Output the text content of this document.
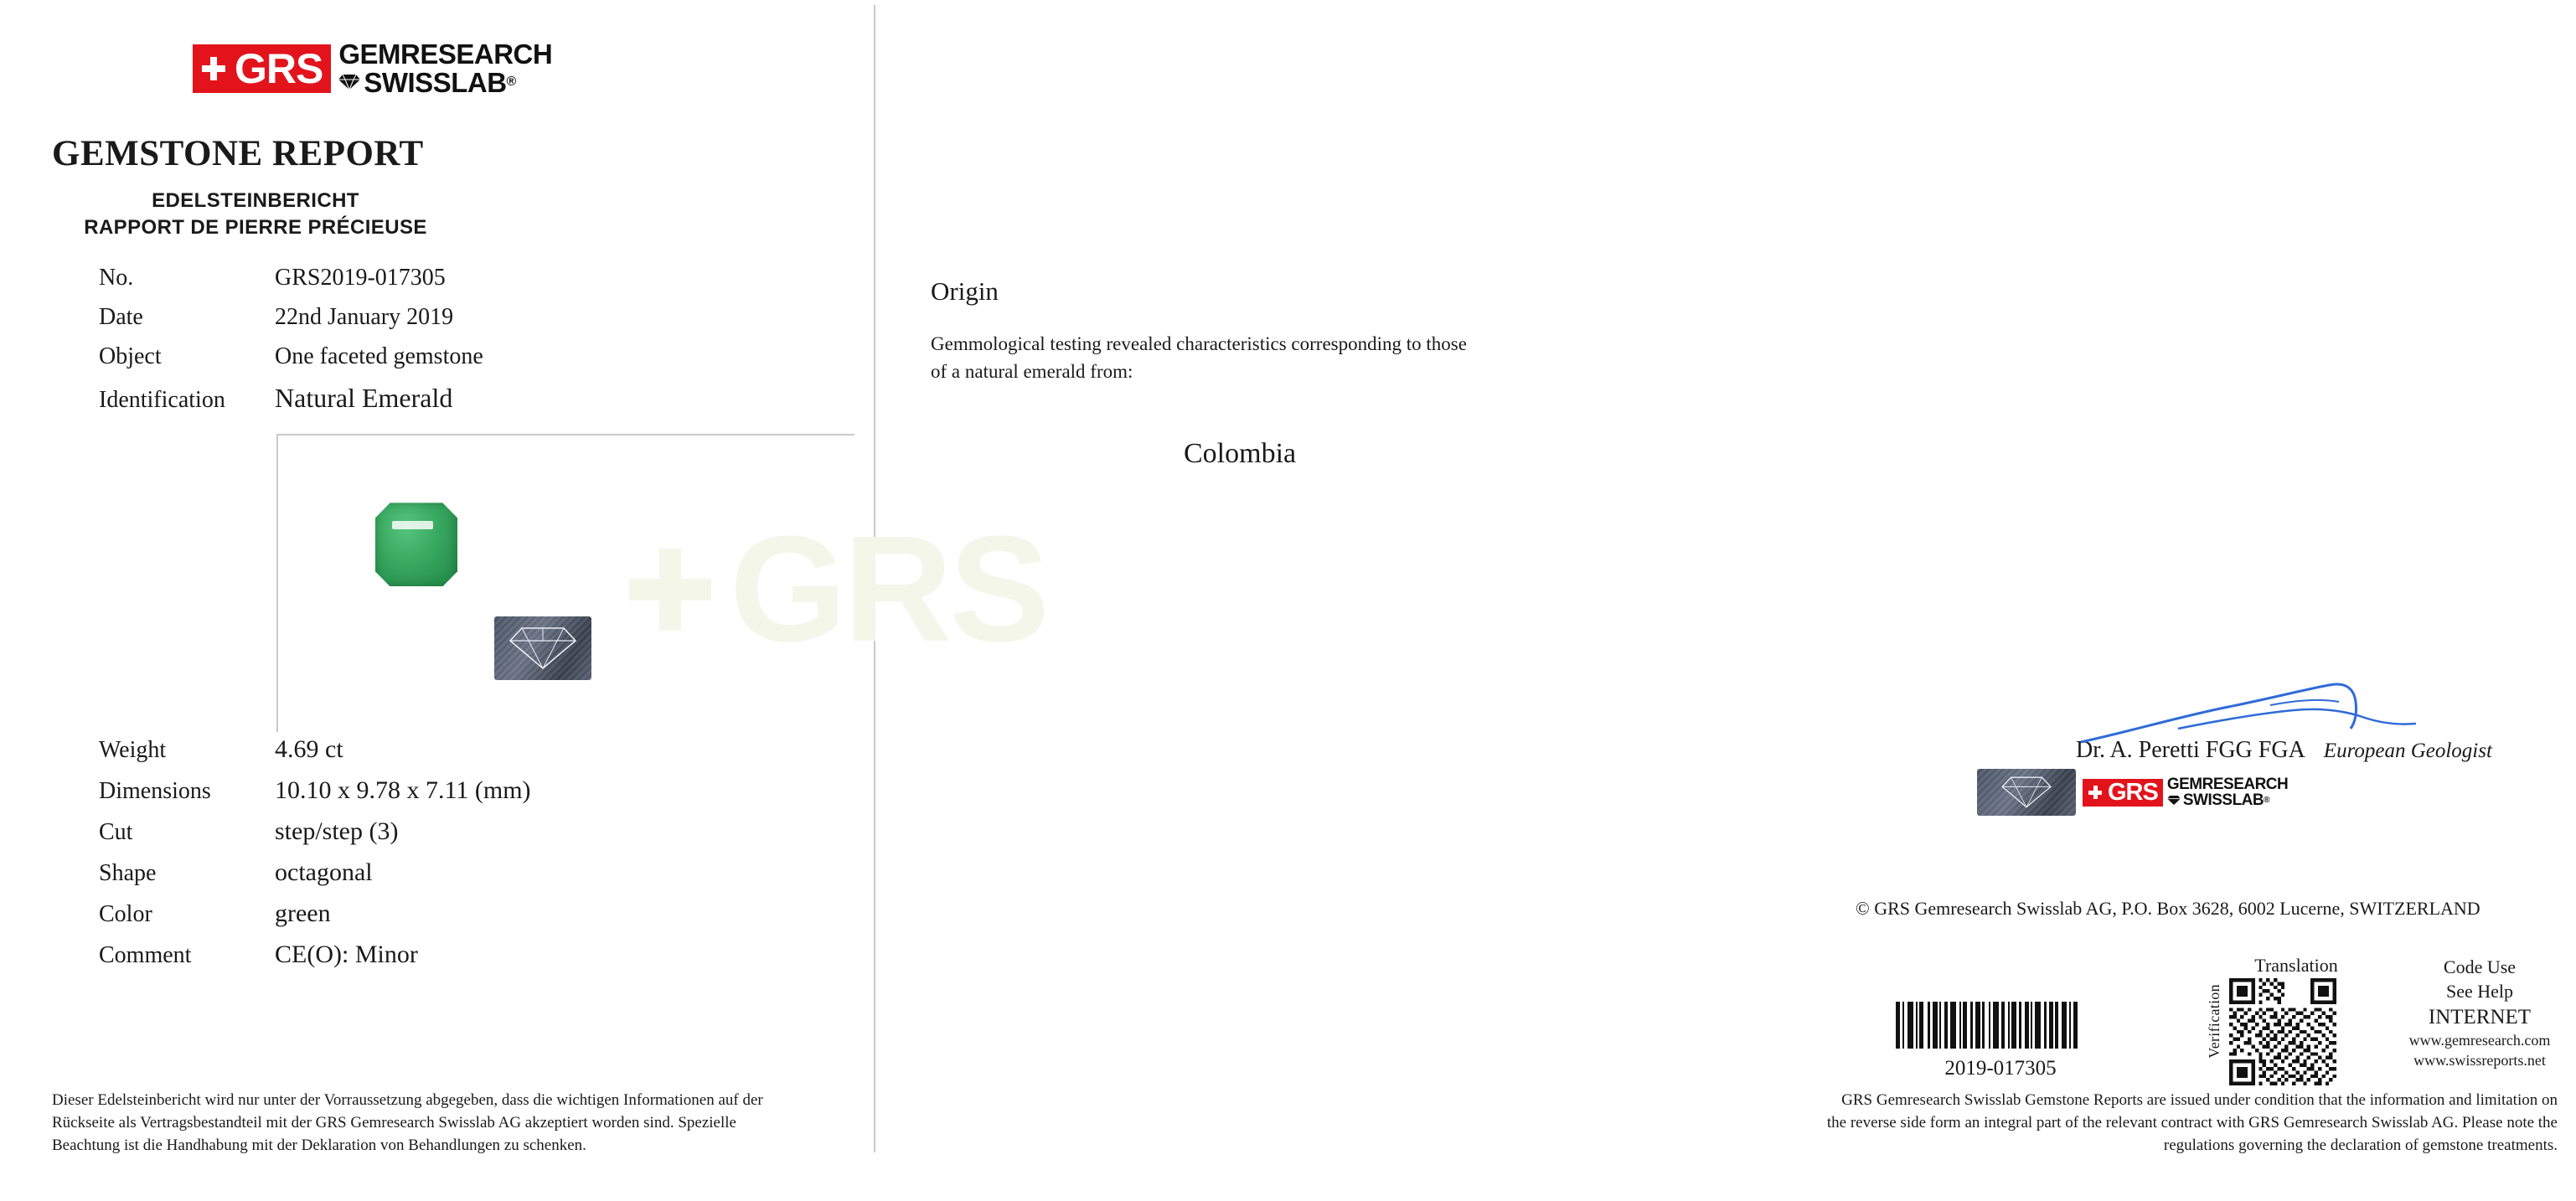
GRS GEMRESEARCH
SWISSLAB ®
GEMSTONE REPORT
EDELSTEINBERICHT
RAPPORT DE PIERRE PRÉCIEUSE
No.	GRS2019-017305
Date	22nd January 2019
Object	One faceted gemstone
Identification	Natural Emerald
Weight	4.69 ct
Dimensions	10.10 x 9.78 x 7.11 (mm)
Cut	step/step (3)
Shape	octagonal
Color	green
Comment	CE(O): Minor
Dieser Edelsteinbericht wird nur unter der Vorraussetzung abgegeben, dass die wichtigen Informationen auf der Rückseite als Vertragsbestandteil mit der GRS Gemresearch Swisslab AG akzeptiert worden sind. Spezielle Beachtung ist die Handhabung mit der Deklaration von Behandlungen zu schenken.
GRS
Origin
Gemmological testing revealed characteristics corresponding to those
of a natural emerald from:
Colombia
Dr. A. Peretti FGG FGA European Geologist
GRS GEMRESEARCH
SWISSLAB ®
© GRS Gemresearch Swisslab AG, P.O. Box 3628, 6002 Lucerne, SWITZERLAND
2019-017305
Verification
Translation	Code Use
See Help
INTERNET
www.gemresearch.com
www.swissreports.net
GRS Gemresearch Swisslab Gemstone Reports are issued under condition that the information and limitation on the reverse side form an integral part of the relevant contract with GRS Gemresearch Swisslab AG. Please note the regulations governing the declaration of gemstone treatments.
